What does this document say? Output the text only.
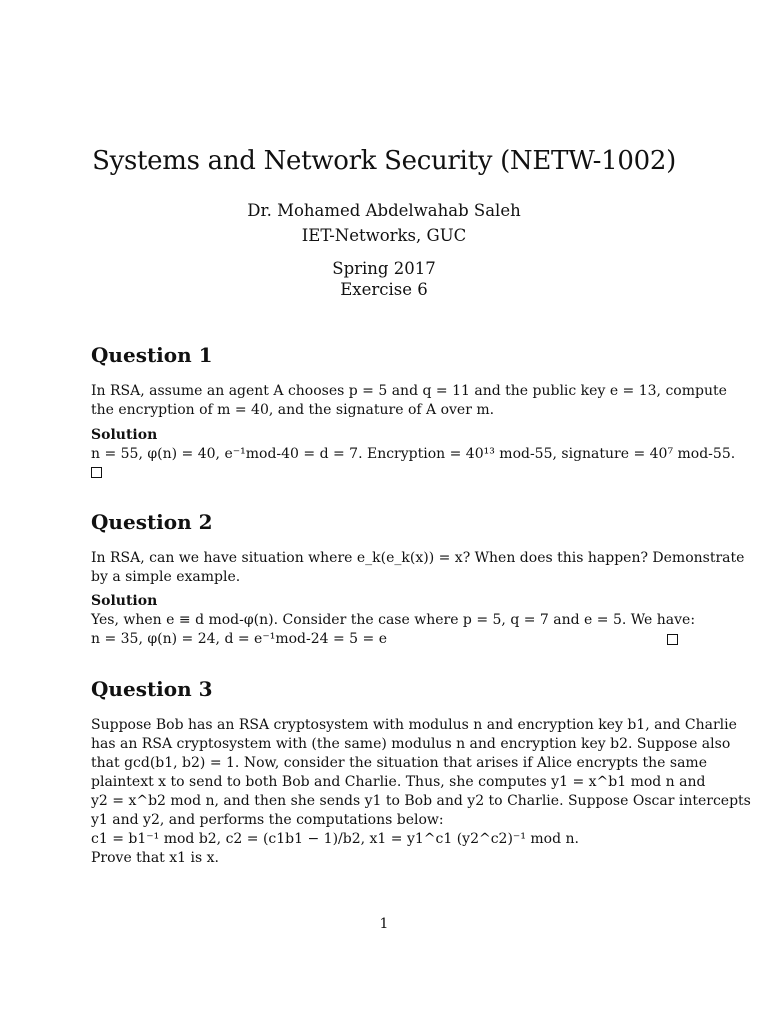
Systems and Network Security (NETW-1002)
Dr. Mohamed Abdelwahab Saleh
IET-Networks, GUC
Spring 2017
Exercise 6
Question 1
In RSA, assume an agent A chooses p = 5 and q = 11 and the public key e = 13, compute
the encryption of m = 40, and the signature of A over m.
Solution
n = 55, φ(n) = 40, e⁻¹mod-40 = d = 7. Encryption = 40¹³ mod-55, signature = 40⁷ mod-55.
Question 2
In RSA, can we have situation where e_k(e_k(x)) = x? When does this happen? Demonstrate
by a simple example.
Solution
Yes, when e ≡ d mod-φ(n). Consider the case where p = 5, q = 7 and e = 5. We have:
n = 35, φ(n) = 24, d = e⁻¹mod-24 = 5 = e
Question 3
Suppose Bob has an RSA cryptosystem with modulus n and encryption key b1, and Charlie
has an RSA cryptosystem with (the same) modulus n and encryption key b2. Suppose also
that gcd(b1, b2) = 1. Now, consider the situation that arises if Alice encrypts the same
plaintext x to send to both Bob and Charlie. Thus, she computes y1 = x^b1 mod n and
y2 = x^b2 mod n, and then she sends y1 to Bob and y2 to Charlie. Suppose Oscar intercepts
y1 and y2, and performs the computations below:
c1 = b1⁻¹ mod b2, c2 = (c1b1 − 1)/b2, x1 = y1^c1 (y2^c2)⁻¹ mod n.
Prove that x1 is x.
1
